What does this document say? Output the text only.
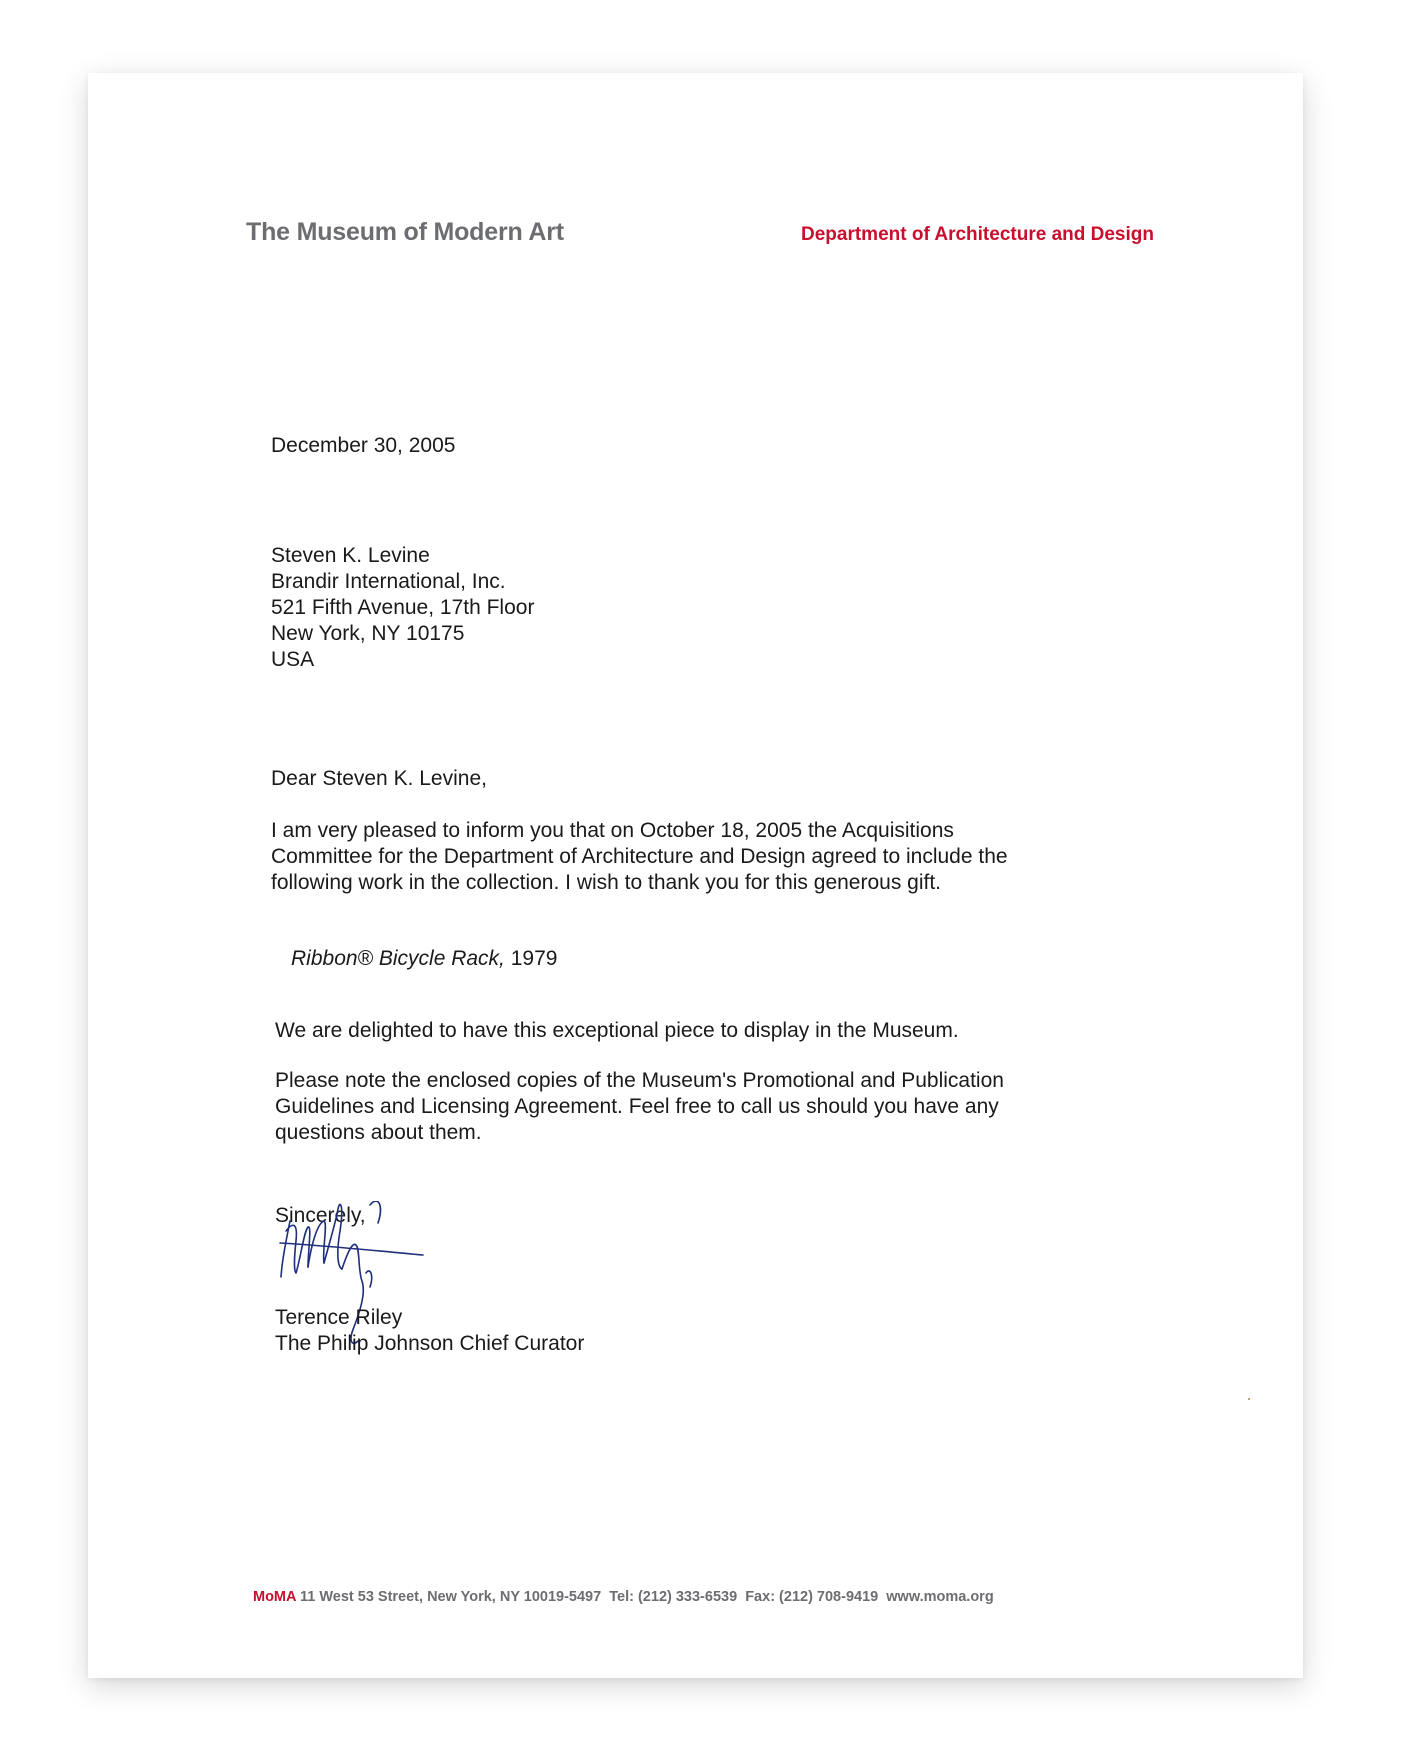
The Museum of Modern Art	Department of Architecture and Design
December 30, 2005
Steven K. Levine
Brandir International, Inc.
521 Fifth Avenue, 17th Floor
New York, NY 10175
USA
Dear Steven K. Levine,
I am very pleased to inform you that on October 18, 2005 the Acquisitions
Committee for the Department of Architecture and Design agreed to include the
following work in the collection. I wish to thank you for this generous gift.
Ribbon® Bicycle Rack, 1979
We are delighted to have this exceptional piece to display in the Museum.
Please note the enclosed copies of the Museum's Promotional and Publication
Guidelines and Licensing Agreement. Feel free to call us should you have any
questions about them.
Sincerely,
Terence Riley
The Philip Johnson Chief Curator
MoMA 11 West 53 Street, New York, NY 10019-5497 Tel: (212) 333-6539 Fax: (212) 708-9419 www.moma.org
